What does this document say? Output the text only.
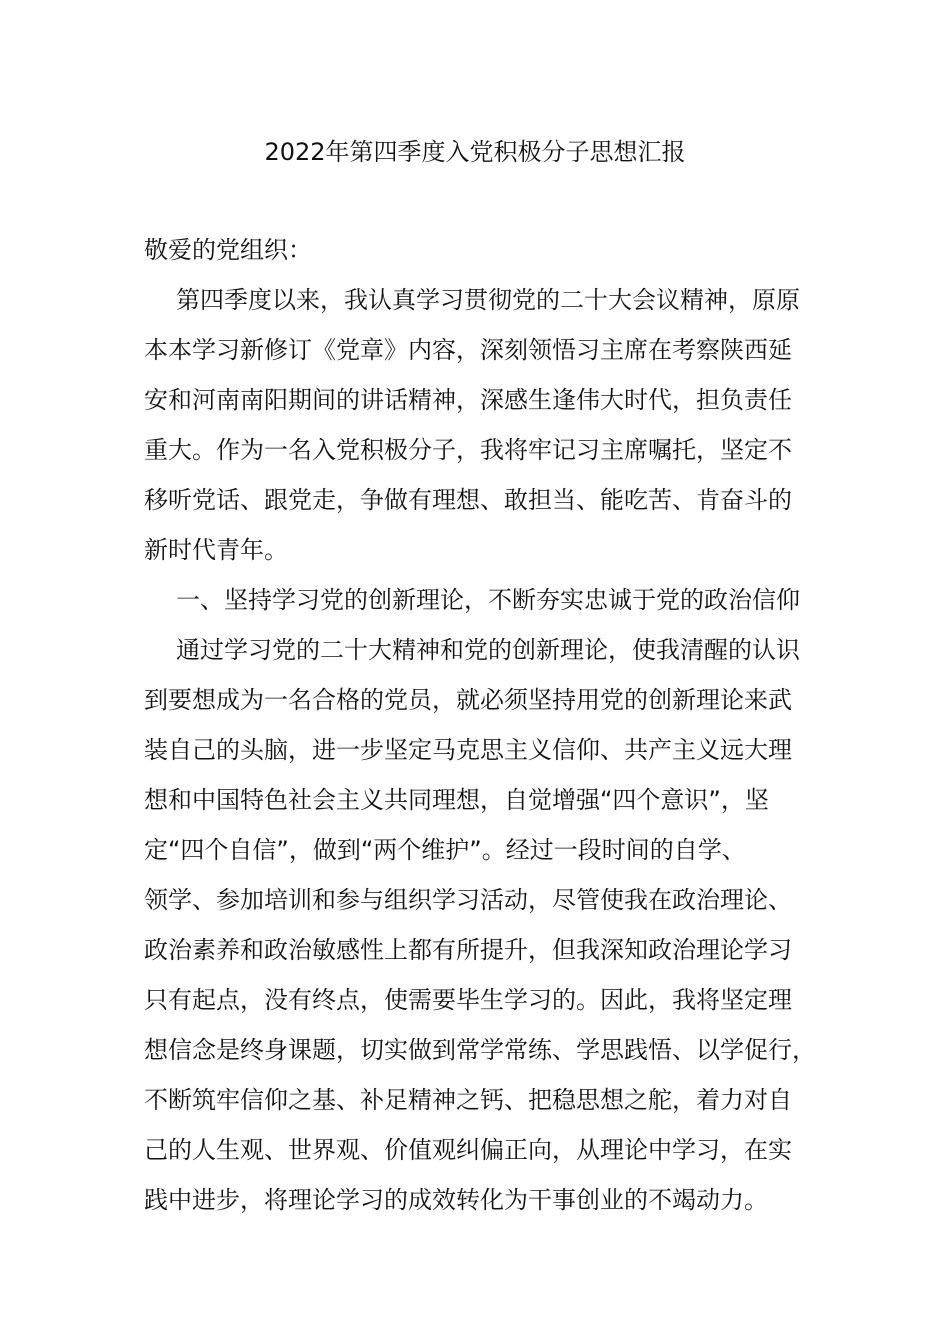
2022年第四季度入党积极分子思想汇报
敬爱的党组织：
第四季度以来，我认真学习贯彻党的二十大会议精神，原原
本本学习新修订《党章》内容，深刻领悟习主席在考察陕西延
安和河南南阳期间的讲话精神，深感生逢伟大时代，担负责任
重大。作为一名入党积极分子，我将牢记习主席嘱托，坚定不
移听党话、跟党走，争做有理想、敢担当、能吃苦、肯奋斗的
新时代青年。
一、坚持学习党的创新理论，不断夯实忠诚于党的政治信仰
通过学习党的二十大精神和党的创新理论，使我清醒的认识
到要想成为一名合格的党员，就必须坚持用党的创新理论来武
装自己的头脑，进一步坚定马克思主义信仰、共产主义远大理
想和中国特色社会主义共同理想，自觉增强“四个意识”，坚
定“四个自信”，做到“两个维护”。经过一段时间的自学、
领学、参加培训和参与组织学习活动，尽管使我在政治理论、
政治素养和政治敏感性上都有所提升，但我深知政治理论学习
只有起点，没有终点，使需要毕生学习的。因此，我将坚定理
想信念是终身课题，切实做到常学常练、学思践悟、以学促行，
不断筑牢信仰之基、补足精神之钙、把稳思想之舵，着力对自
己的人生观、世界观、价值观纠偏正向，从理论中学习，在实
践中进步，将理论学习的成效转化为干事创业的不竭动力。
